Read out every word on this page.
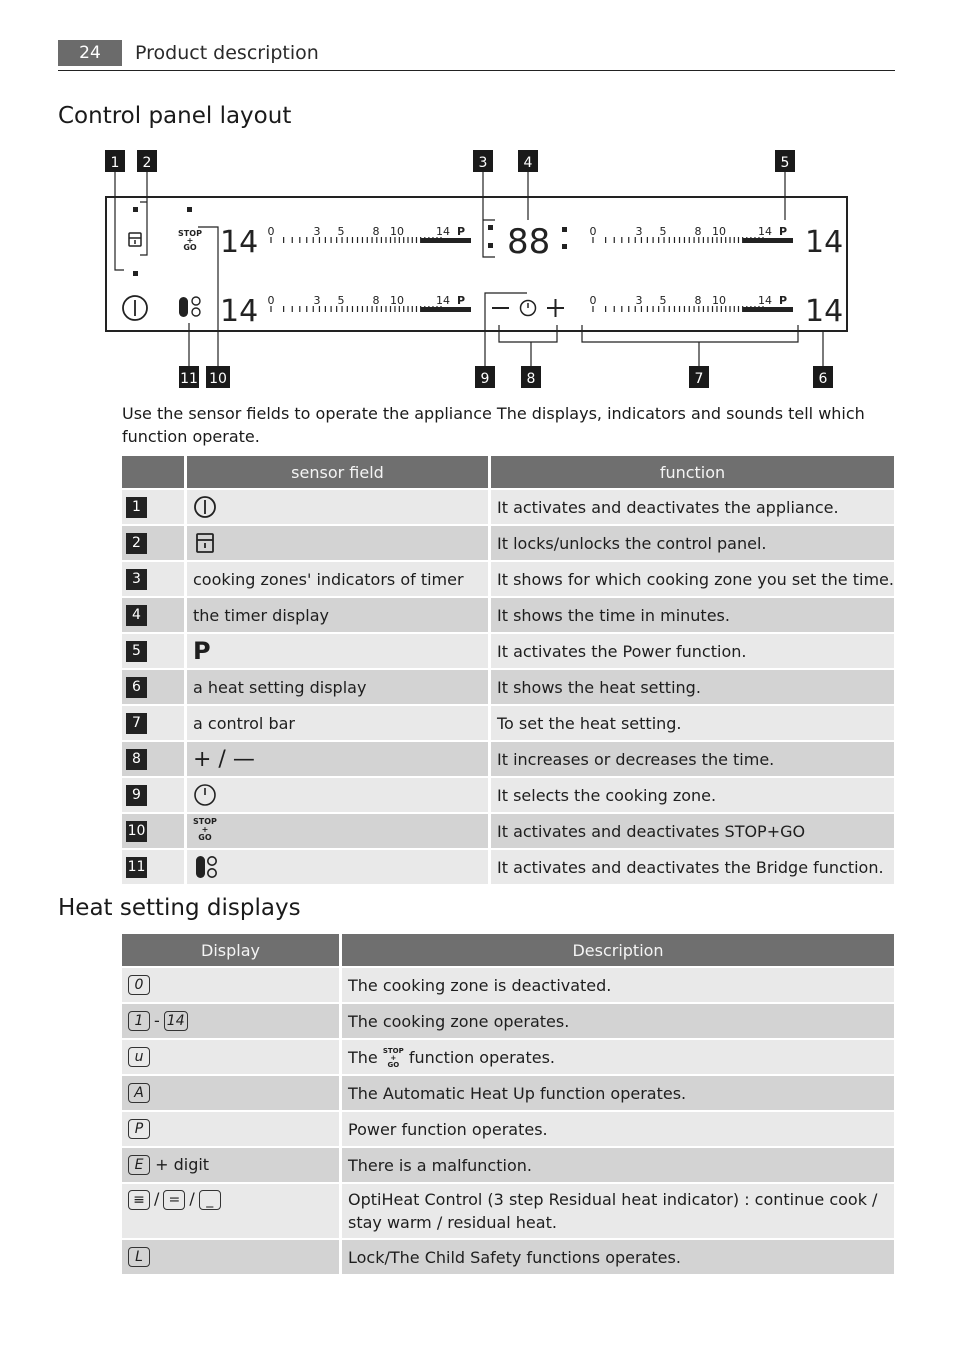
24	Product description
Control panel layout
1 2	3	4	5
11 10	9	8	7	6
STOP
+
GO 14
14
14
14
0	3 5	8 10	14 P
0	3 5	8 10	14 P
0	3 5	8 10	14 P
0	3 5	8 10	14 P
88
Use the sensor fields to operate the appliance The displays, indicators and sounds tell which function operate.
	sensor field	function
1		It activates and deactivates the appliance.
2		It locks/unlocks the control panel.
3	cooking zones' indicators of timer	It shows for which cooking zone you set the time.
4	the timer display	It shows the time in minutes.
5	P	It activates the Power function.
6	a heat setting display	It shows the heat setting.
7	a control bar	To set the heat setting.
8	+ / —	It increases or decreases the time.
9		It selects the cooking zone.
10	STOP
+
GO	It activates and deactivates STOP+GO
11		It activates and deactivates the Bridge function.
Heat setting displays
Display	Description
0	The cooking zone is deactivated.
1 - 14	The cooking zone operates.
u	The STOP
+
GO function operates.
A	The Automatic Heat Up function operates.
P	Power function operates.
E + digit	There is a malfunction.
≡ / = / _	OptiHeat Control (3 step Residual heat indicator) : continue cook / stay warm / residual heat.
L	Lock/The Child Safety functions operates.
